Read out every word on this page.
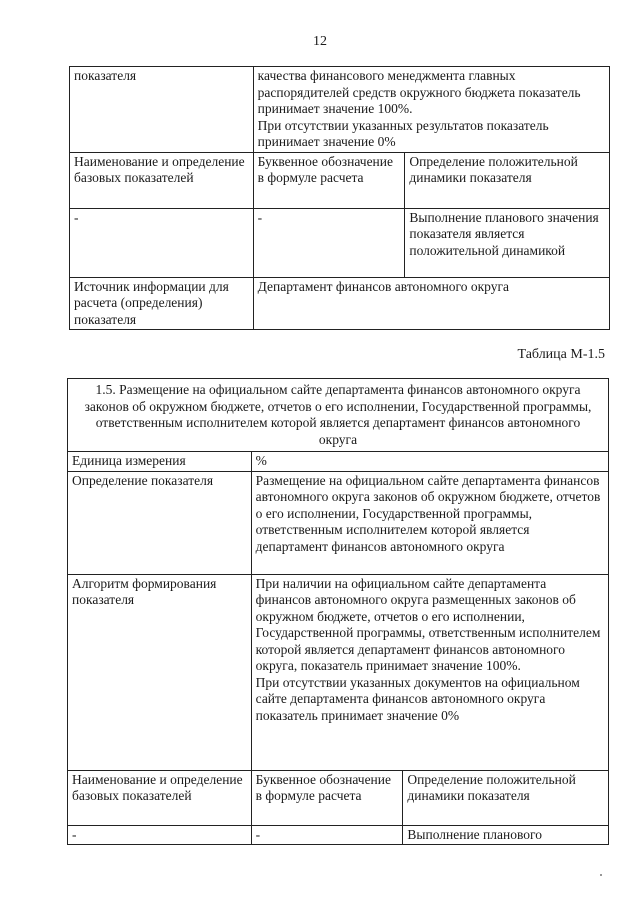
12
показателя	качества финансового менеджмента главных распорядителей средств окружного бюджета показатель принимает значение 100%.
При отсутствии указанных результатов показатель принимает значение 0%	
Наименование и определение базовых показателей	Буквенное обозначение в формуле расчета	Определение положительной динамики показателя
-	-	Выполнение планового значения показателя является положительной динамикой
Источник информации для расчета (определения) показателя	Департамент финансов автономного округа	
Таблица М-1.5
1.5. Размещение на официальном сайте департамента финансов автономного округа законов об окружном бюджете, отчетов о его исполнении, Государственной программы, ответственным исполнителем которой является департамент финансов автономного округа		
Единица измерения	%	
Определение показателя	Размещение на официальном сайте департамента финансов автономного округа законов об окружном бюджете, отчетов о его исполнении, Государственной программы, ответственным исполнителем которой является департамент финансов автономного округа	
Алгоритм формирования показателя	При наличии на официальном сайте департамента финансов автономного округа размещенных законов об окружном бюджете, отчетов о его исполнении, Государственной программы, ответственным исполнителем которой является департамент финансов автономного округа, показатель принимает значение 100%.
При отсутствии указанных документов на официальном сайте департамента финансов автономного округа показатель принимает значение 0%	
Наименование и определение базовых показателей	Буквенное обозначение в формуле расчета	Определение положительной динамики показателя
-	-	Выполнение планового
